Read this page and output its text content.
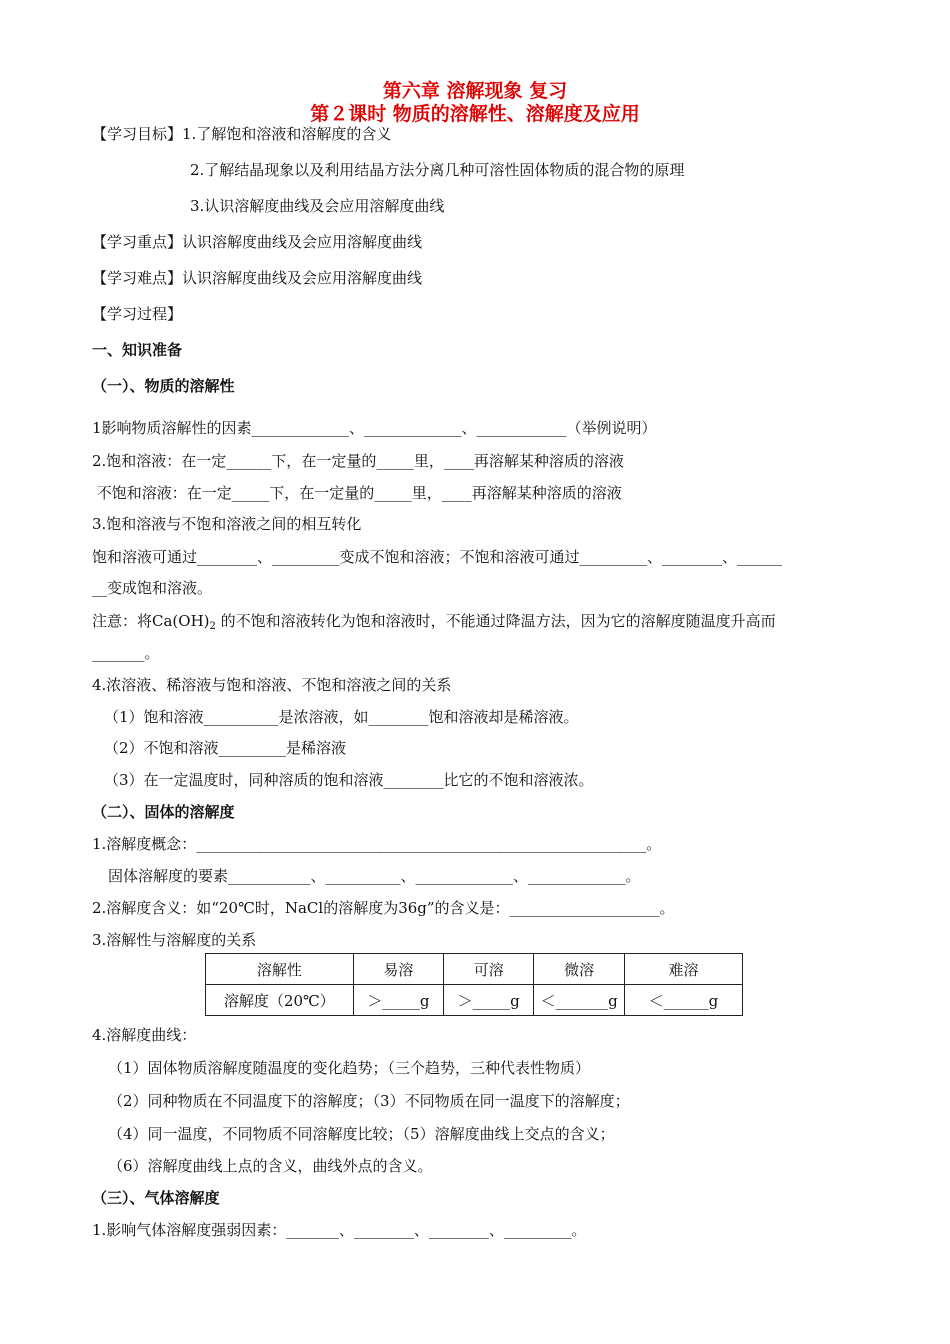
第六章 溶解现象 复习
第２课时 物质的溶解性、溶解度及应用
【学习目标】1.了解饱和溶液和溶解度的含义
2.了解结晶现象以及利用结晶方法分离几种可溶性固体物质的混合物的原理
3.认识溶解度曲线及会应用溶解度曲线
【学习重点】认识溶解度曲线及会应用溶解度曲线
【学习难点】认识溶解度曲线及会应用溶解度曲线
【学习过程】
一、知识准备
（一）、物质的溶解性
1影响物质溶解性的因素_____________、_____________、____________（举例说明）
2.饱和溶液：在一定______下，在一定量的_____里，____再溶解某种溶质的溶液
不饱和溶液：在一定_____下，在一定量的_____里，____再溶解某种溶质的溶液
3.饱和溶液与不饱和溶液之间的相互转化
饱和溶液可通过________、_________变成不饱和溶液；不饱和溶液可通过_________、________、______
__变成饱和溶液。
注意：将$Ca(OH)_2$ 的不饱和溶液转化为饱和溶液时，不能通过降温方法，因为它的溶解度随温度升高而
_______。
4.浓溶液、稀溶液与饱和溶液、不饱和溶液之间的关系
（1）饱和溶液__________是浓溶液，如________饱和溶液却是稀溶液。
（2）不饱和溶液_________是稀溶液
（3）在一定温度时，同种溶质的饱和溶液________比它的不饱和溶液浓。
（二）、固体的溶解度
1.溶解度概念：____________________________________________________________。
固体溶解度的要素___________、__________、_____________、_____________。
2.溶解度含义：如“20℃时，NaCl的溶解度为36g”的含义是：____________________。
3.溶解性与溶解度的关系
溶解性	易溶	可溶	微溶	难溶
溶解度（20℃）	＞_____g	＞_____g	＜_______g	＜______g
4.溶解度曲线：
（1）固体物质溶解度随温度的变化趋势；（三个趋势，三种代表性物质）
（2）同种物质在不同温度下的溶解度；（3）不同物质在同一温度下的溶解度；
（4）同一温度，不同物质不同溶解度比较；（5）溶解度曲线上交点的含义；
（6）溶解度曲线上点的含义，曲线外点的含义。
（三）、气体溶解度
1.影响气体溶解度强弱因素：_______、________、________、_________。
